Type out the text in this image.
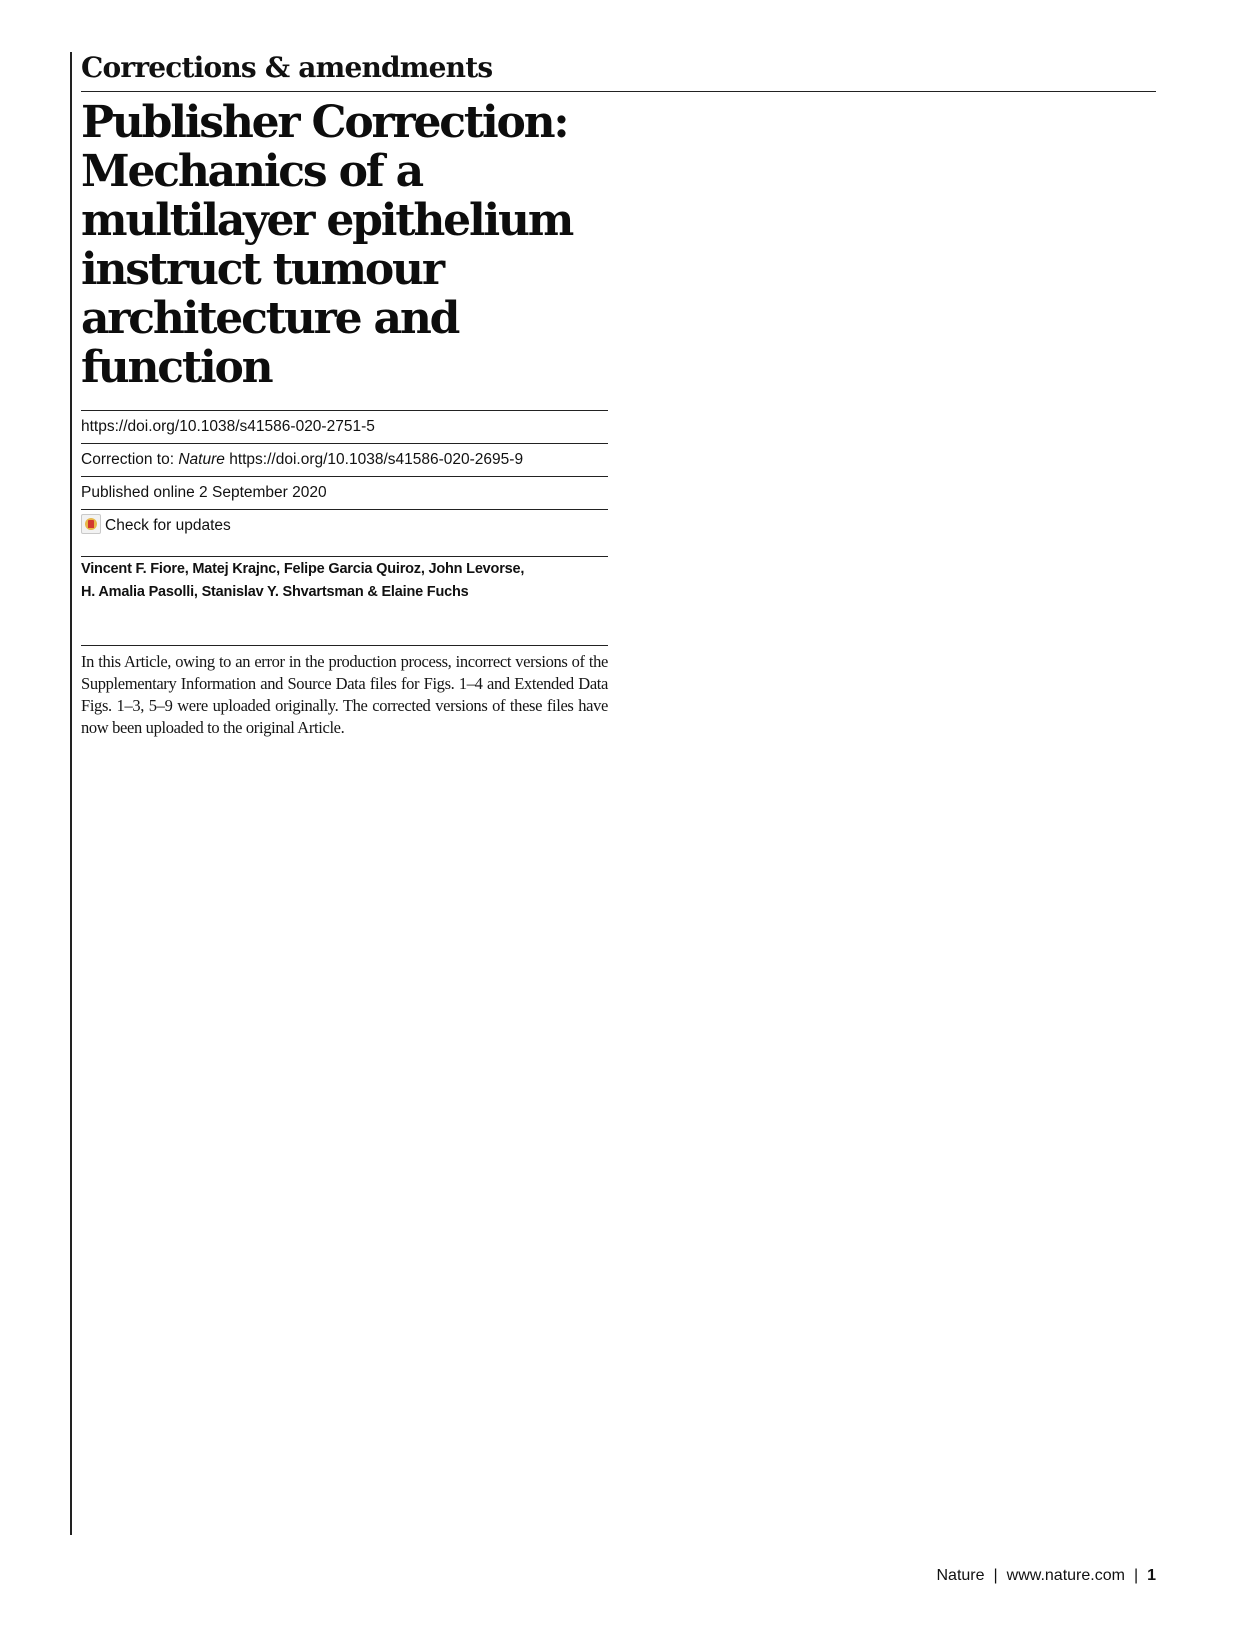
Corrections & amendments
Publisher Correction: Mechanics of a multilayer epithelium instruct tumour architecture and function
https://doi.org/10.1038/s41586-020-2751-5
Correction to: Nature https://doi.org/10.1038/s41586-020-2695-9
Published online 2 September 2020
Check for updates
Vincent F. Fiore, Matej Krajnc, Felipe Garcia Quiroz, John Levorse,
H. Amalia Pasolli, Stanislav Y. Shvartsman & Elaine Fuchs

In this Article, owing to an error in the production process, incorrect versions of the Supplementary Information and Source Data files for Figs. 1–4 and Extended Data Figs. 1–3, 5–9 were uploaded originally. The corrected versions of these files have now been uploaded to the original Article.

Nature | www.nature.com | 1
